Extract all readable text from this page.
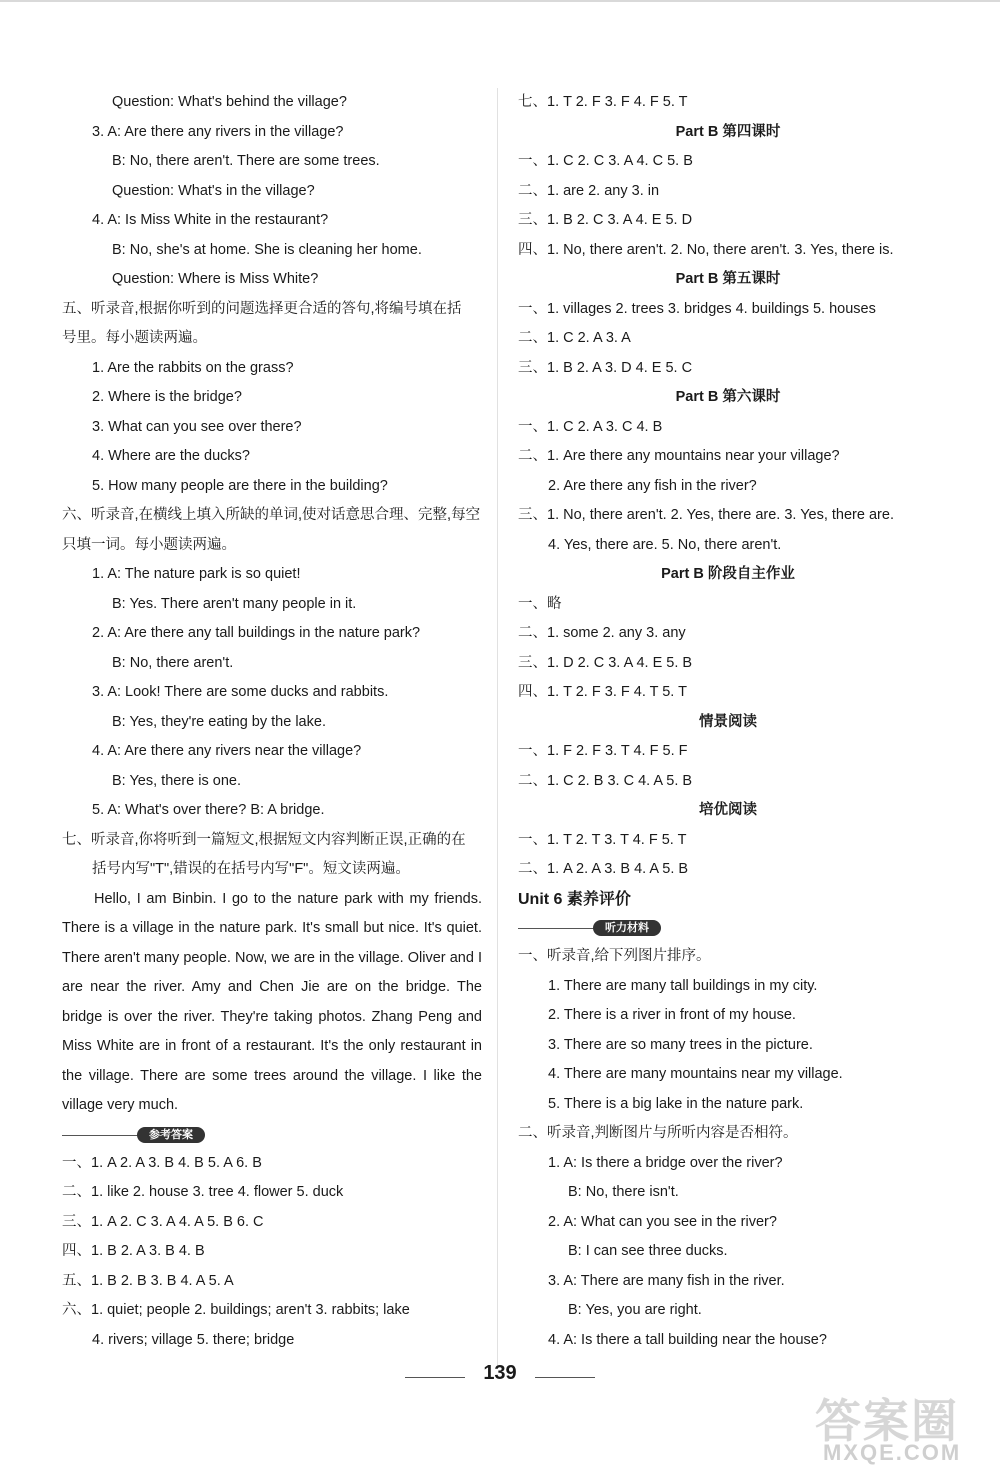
Question: What's behind the village?
3. A: Are there any rivers in the village?
B: No, there aren't. There are some trees.
Question: What's in the village?
4. A: Is Miss White in the restaurant?
B: No, she's at home. She is cleaning her home.
Question: Where is Miss White?
五、听录音,根据你听到的问题选择更合适的答句,将编号填在括
号里。每小题读两遍。
1. Are the rabbits on the grass?
2. Where is the bridge?
3. What can you see over there?
4. Where are the ducks?
5. How many people are there in the building?
六、听录音,在横线上填入所缺的单词,使对话意思合理、完整,每空
只填一词。每小题读两遍。
1. A: The nature park is so quiet!
B: Yes. There aren't many people in it.
2. A: Are there any tall buildings in the nature park?
B: No, there aren't.
3. A: Look! There are some ducks and rabbits.
B: Yes, they're eating by the lake.
4. A: Are there any rivers near the village?
B: Yes, there is one.
5. A: What's over there? B: A bridge.
七、听录音,你将听到一篇短文,根据短文内容判断正误,正确的在
括号内写"T",错误的在括号内写"F"。短文读两遍。
Hello, I am Binbin. I go to the nature park with my friends. There is a village in the nature park. It's small but nice. It's quiet. There aren't many people. Now, we are in the village. Oliver and I are near the river. Amy and Chen Jie are on the bridge. The bridge is over the river. They're taking photos. Zhang Peng and Miss White are in front of a restaurant. It's the only restaurant in the village. There are some trees around the village. I like the village very much.
参考答案
一、1. A 2. A 3. B 4. B 5. A 6. B
二、1. like 2. house 3. tree 4. flower 5. duck
三、1. A 2. C 3. A 4. A 5. B 6. C
四、1. B 2. A 3. B 4. B
五、1. B 2. B 3. B 4. A 5. A
六、1. quiet; people 2. buildings; aren't 3. rabbits; lake
4. rivers; village 5. there; bridge
七、1. T 2. F 3. F 4. F 5. T
Part B 第四课时
一、1. C 2. C 3. A 4. C 5. B
二、1. are 2. any 3. in
三、1. B 2. C 3. A 4. E 5. D
四、1. No, there aren't. 2. No, there aren't. 3. Yes, there is.
Part B 第五课时
一、1. villages 2. trees 3. bridges 4. buildings 5. houses
二、1. C 2. A 3. A
三、1. B 2. A 3. D 4. E 5. C
Part B 第六课时
一、1. C 2. A 3. C 4. B
二、1. Are there any mountains near your village?
2. Are there any fish in the river?
三、1. No, there aren't. 2. Yes, there are. 3. Yes, there are.
4. Yes, there are. 5. No, there aren't.
Part B 阶段自主作业
一、略
二、1. some 2. any 3. any
三、1. D 2. C 3. A 4. E 5. B
四、1. T 2. F 3. F 4. T 5. T
情景阅读
一、1. F 2. F 3. T 4. F 5. F
二、1. C 2. B 3. C 4. A 5. B
培优阅读
一、1. T 2. T 3. T 4. F 5. T
二、1. A 2. A 3. B 4. A 5. B
Unit 6 素养评价
听力材料
一、听录音,给下列图片排序。
1. There are many tall buildings in my city.
2. There is a river in front of my house.
3. There are so many trees in the picture.
4. There are many mountains near my village.
5. There is a big lake in the nature park.
二、听录音,判断图片与所听内容是否相符。
1. A: Is there a bridge over the river?
B: No, there isn't.
2. A: What can you see in the river?
B: I can see three ducks.
3. A: There are many fish in the river.
B: Yes, you are right.
4. A: Is there a tall building near the house?
139
答案圈
MXQE.COM
